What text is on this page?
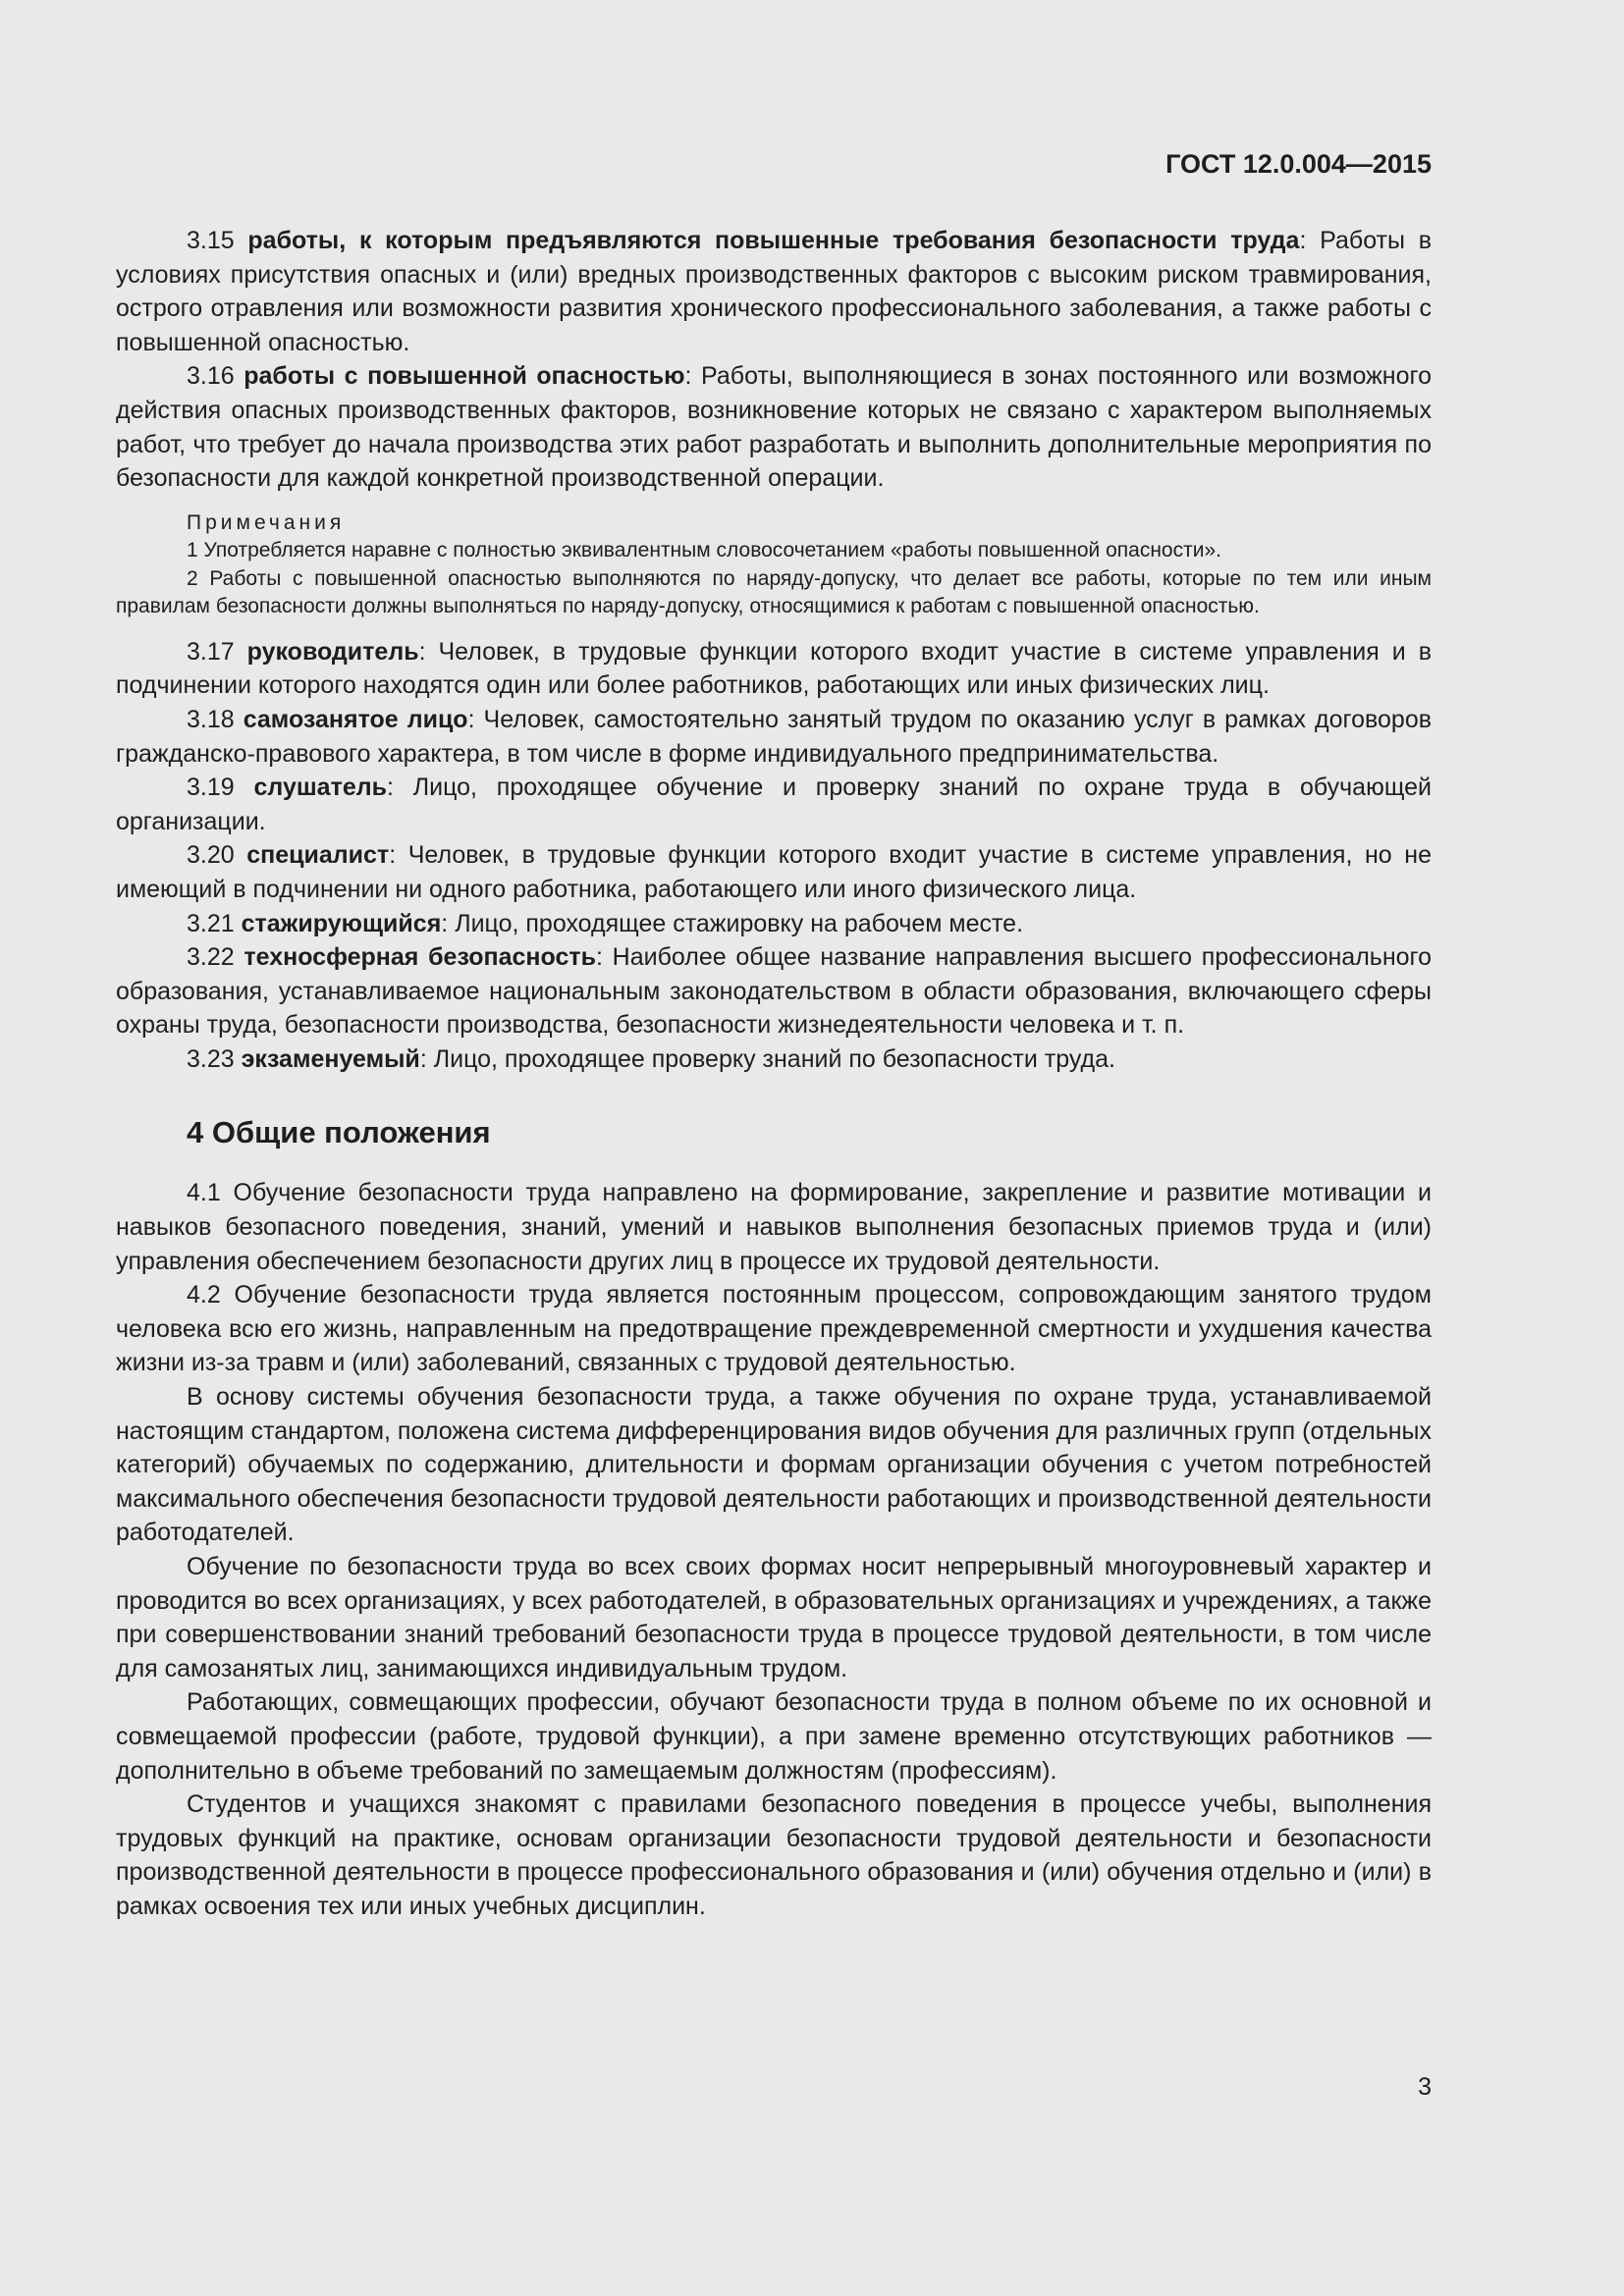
ГОСТ 12.0.004—2015

3.15 работы, к которым предъявляются повышенные требования безопасности труда: Работы в условиях присутствия опасных и (или) вредных производственных факторов с высоким риском травмирования, острого отравления или возможности развития хронического профессионального заболевания, а также работы с повышенной опасностью.

3.16 работы с повышенной опасностью: Работы, выполняющиеся в зонах постоянного или возможного действия опасных производственных факторов, возникновение которых не связано с характером выполняемых работ, что требует до начала производства этих работ разработать и выполнить дополнительные мероприятия по безопасности для каждой конкретной производственной операции.

Примечания

1 Употребляется наравне с полностью эквивалентным словосочетанием «работы повышенной опасности».

2 Работы с повышенной опасностью выполняются по наряду-допуску, что делает все работы, которые по тем или иным правилам безопасности должны выполняться по наряду-допуску, относящимися к работам с повышенной опасностью.

3.17 руководитель: Человек, в трудовые функции которого входит участие в системе управления и в подчинении которого находятся один или более работников, работающих или иных физических лиц.

3.18 самозанятое лицо: Человек, самостоятельно занятый трудом по оказанию услуг в рамках договоров гражданско-правового характера, в том числе в форме индивидуального предпринимательства.

3.19 слушатель: Лицо, проходящее обучение и проверку знаний по охране труда в обучающей организации.

3.20 специалист: Человек, в трудовые функции которого входит участие в системе управления, но не имеющий в подчинении ни одного работника, работающего или иного физического лица.

3.21 стажирующийся: Лицо, проходящее стажировку на рабочем месте.

3.22 техносферная безопасность: Наиболее общее название направления высшего профессионального образования, устанавливаемое национальным законодательством в области образования, включающего сферы охраны труда, безопасности производства, безопасности жизнедеятельности человека и т. п.

3.23 экзаменуемый: Лицо, проходящее проверку знаний по безопасности труда.

4 Общие положения

4.1 Обучение безопасности труда направлено на формирование, закрепление и развитие мотивации и навыков безопасного поведения, знаний, умений и навыков выполнения безопасных приемов труда и (или) управления обеспечением безопасности других лиц в процессе их трудовой деятельности.

4.2 Обучение безопасности труда является постоянным процессом, сопровождающим занятого трудом человека всю его жизнь, направленным на предотвращение преждевременной смертности и ухудшения качества жизни из-за травм и (или) заболеваний, связанных с трудовой деятельностью.

В основу системы обучения безопасности труда, а также обучения по охране труда, устанавливаемой настоящим стандартом, положена система дифференцирования видов обучения для различных групп (отдельных категорий) обучаемых по содержанию, длительности и формам организации обучения с учетом потребностей максимального обеспечения безопасности трудовой деятельности работающих и производственной деятельности работодателей.

Обучение по безопасности труда во всех своих формах носит непрерывный многоуровневый характер и проводится во всех организациях, у всех работодателей, в образовательных организациях и учреждениях, а также при совершенствовании знаний требований безопасности труда в процессе трудовой деятельности, в том числе для самозанятых лиц, занимающихся индивидуальным трудом.

Работающих, совмещающих профессии, обучают безопасности труда в полном объеме по их основной и совмещаемой профессии (работе, трудовой функции), а при замене временно отсутствующих работников — дополнительно в объеме требований по замещаемым должностям (профессиям).

Студентов и учащихся знакомят с правилами безопасного поведения в процессе учебы, выполнения трудовых функций на практике, основам организации безопасности трудовой деятельности и безопасности производственной деятельности в процессе профессионального образования и (или) обучения отдельно и (или) в рамках освоения тех или иных учебных дисциплин.

3
